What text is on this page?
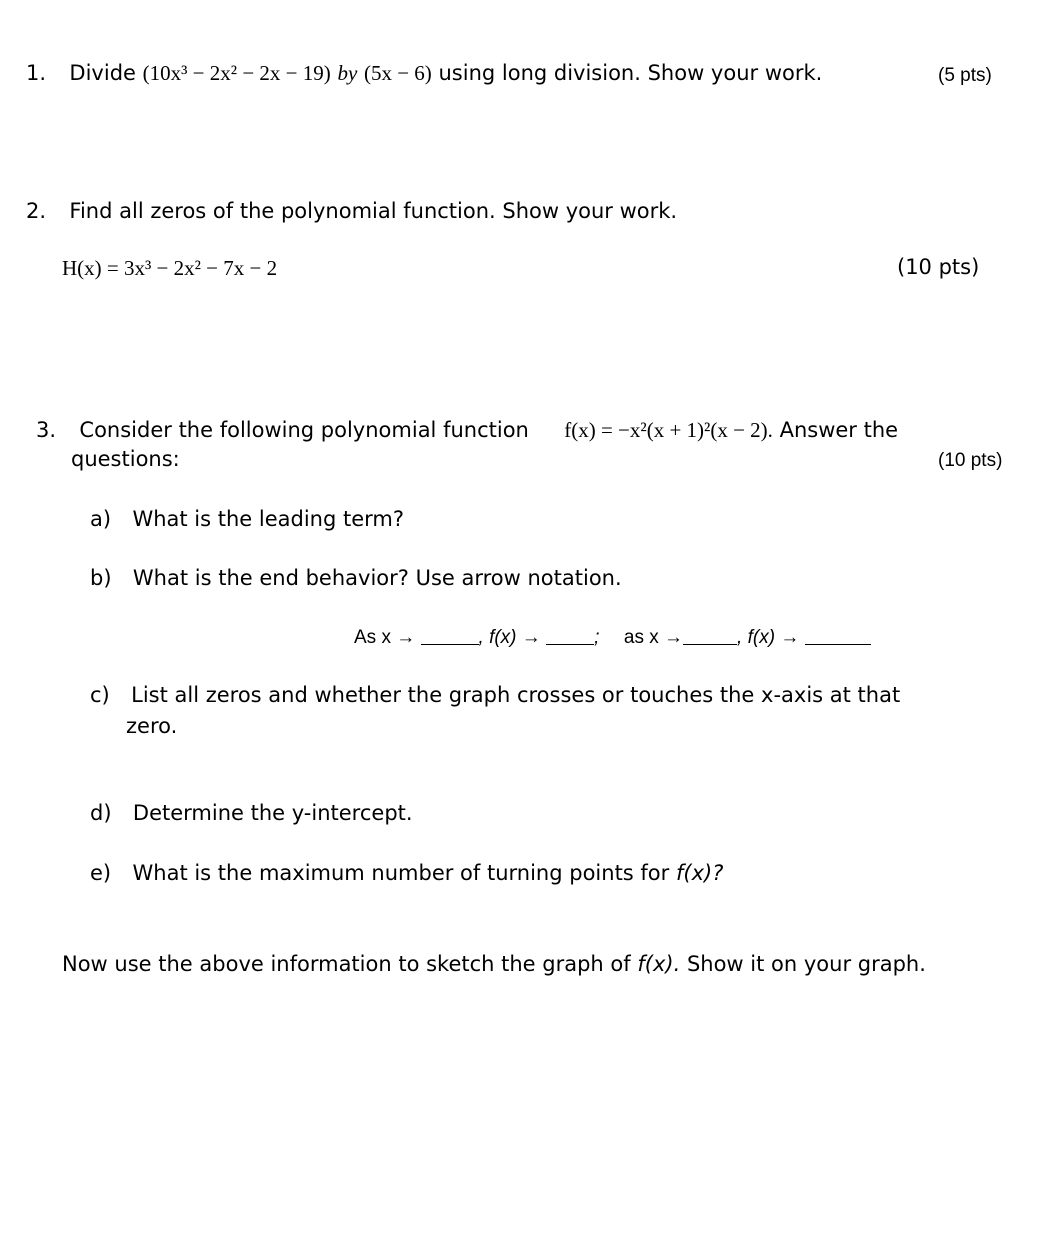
1. Divide (10x³ − 2x² − 2x − 19) by (5x − 6) using long division. Show your work.	(5 pts)
2. Find all zeros of the polynomial function. Show your work.
H(x) = 3x³ − 2x² − 7x − 2	(10 pts)
3. Consider the following polynomial function f(x) = −x²(x + 1)²(x − 2). Answer the
questions:	(10 pts)
a) What is the leading term?
b) What is the end behavior? Use arrow notation.
As x →	, f(x) →	; as x →	, f(x) →
c) List all zeros and whether the graph crosses or touches the x-axis at that
zero.
d) Determine the y-intercept.
e) What is the maximum number of turning points for f(x)?
Now use the above information to sketch the graph of f(x). Show it on your graph.
